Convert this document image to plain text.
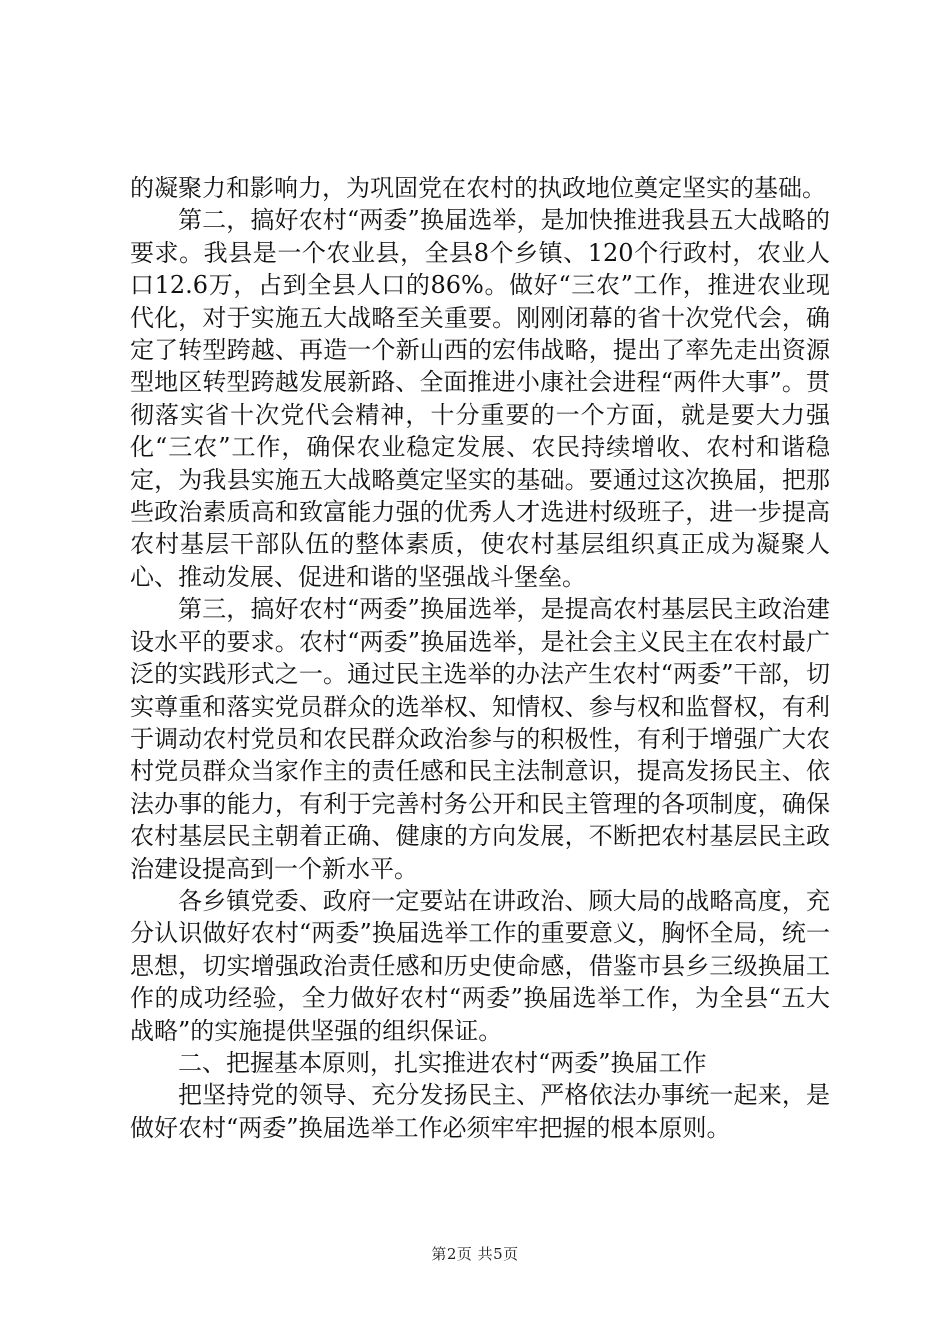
的凝聚力和影响力，为巩固党在农村的执政地位奠定坚实的基础。

第二，搞好农村“两委”换届选举，是加快推进我县五大战略的要求。我县是一个农业县，全县8个乡镇、120个行政村，农业人口12.6万，占到全县人口的86%。做好“三农”工作，推进农业现代化，对于实施五大战略至关重要。刚刚闭幕的省十次党代会，确定了转型跨越、再造一个新山西的宏伟战略，提出了率先走出资源型地区转型跨越发展新路、全面推进小康社会进程“两件大事”。贯彻落实省十次党代会精神，十分重要的一个方面，就是要大力强化“三农”工作，确保农业稳定发展、农民持续增收、农村和谐稳定，为我县实施五大战略奠定坚实的基础。要通过这次换届，把那些政治素质高和致富能力强的优秀人才选进村级班子，进一步提高农村基层干部队伍的整体素质，使农村基层组织真正成为凝聚人心、推动发展、促进和谐的坚强战斗堡垒。

第三，搞好农村“两委”换届选举，是提高农村基层民主政治建设水平的要求。农村“两委”换届选举，是社会主义民主在农村最广泛的实践形式之一。通过民主选举的办法产生农村“两委”干部，切实尊重和落实党员群众的选举权、知情权、参与权和监督权，有利于调动农村党员和农民群众政治参与的积极性，有利于增强广大农村党员群众当家作主的责任感和民主法制意识，提高发扬民主、依法办事的能力，有利于完善村务公开和民主管理的各项制度，确保农村基层民主朝着正确、健康的方向发展，不断把农村基层民主政治建设提高到一个新水平。

各乡镇党委、政府一定要站在讲政治、顾大局的战略高度，充分认识做好农村“两委”换届选举工作的重要意义，胸怀全局，统一思想，切实增强政治责任感和历史使命感，借鉴市县乡三级换届工作的成功经验，全力做好农村“两委”换届选举工作，为全县“五大战略”的实施提供坚强的组织保证。

二、把握基本原则，扎实推进农村“两委”换届工作

把坚持党的领导、充分发扬民主、严格依法办事统一起来，是做好农村“两委”换届选举工作必须牢牢把握的根本原则。

第2页 共5页
